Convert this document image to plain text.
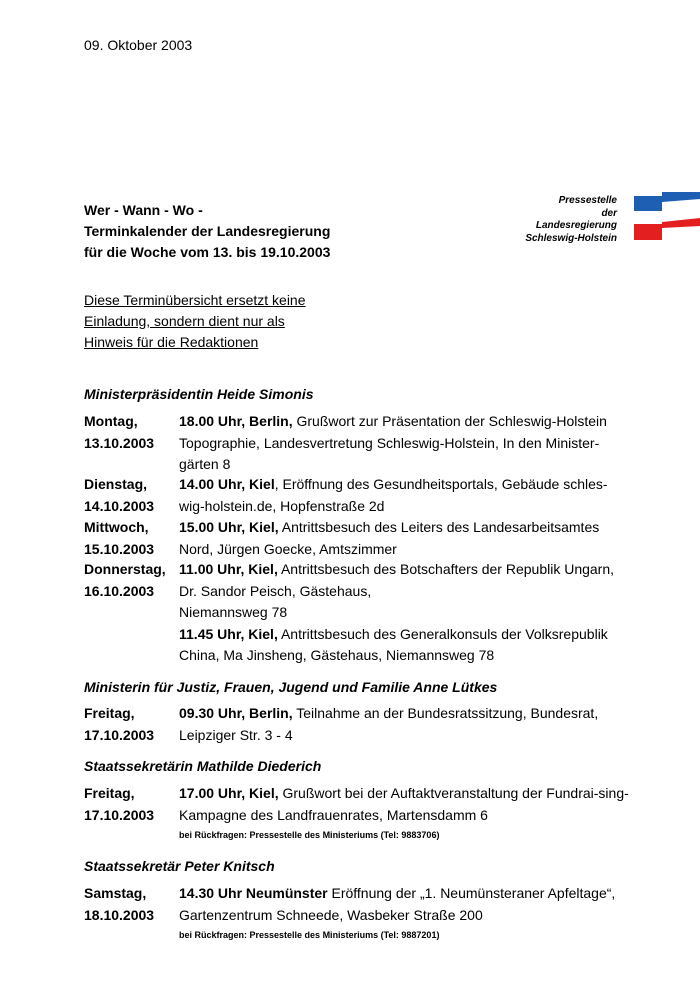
09. Oktober 2003
Pressestelle
der
Landesregierung
Schleswig-Holstein
Wer - Wann - Wo -
Terminkalender der Landesregierung
für die Woche vom 13. bis 19.10.2003
Diese Terminübersicht ersetzt keine
Einladung, sondern dient nur als
Hinweis für die Redaktionen
Ministerpräsidentin Heide Simonis
Montag,
13.10.2003
18.00 Uhr, Berlin, Grußwort zur Präsentation der Schleswig-Holstein Topographie, Landesvertretung Schleswig-Holstein, In den Minister-gärten 8
Dienstag,
14.10.2003
14.00 Uhr, Kiel, Eröffnung des Gesundheitsportals, Gebäude schles-wig-holstein.de, Hopfenstraße 2d
Mittwoch,
15.10.2003
15.00 Uhr, Kiel, Antrittsbesuch des Leiters des Landesarbeitsamtes Nord, Jürgen Goecke, Amtszimmer
Donnerstag,
16.10.2003
11.00 Uhr, Kiel, Antrittsbesuch des Botschafters der Republik Ungarn, Dr. Sandor Peisch, Gästehaus,
Niemannsweg 78
11.45 Uhr, Kiel, Antrittsbesuch des Generalkonsuls der Volksrepublik China, Ma Jinsheng, Gästehaus, Niemannsweg 78
Ministerin für Justiz, Frauen, Jugend und Familie Anne Lütkes
Freitag,
17.10.2003
09.30 Uhr, Berlin, Teilnahme an der Bundesratssitzung, Bundesrat, Leipziger Str. 3 - 4
Staatssekretärin Mathilde Diederich
Freitag,
17.10.2003
17.00 Uhr, Kiel, Grußwort bei der Auftaktveranstaltung der Fundrai-sing-Kampagne des Landfrauenrates, Martensdamm 6
bei Rückfragen: Pressestelle des Ministeriums (Tel: 9883706)
Staatssekretär Peter Knitsch
Samstag,
18.10.2003
14.30 Uhr Neumünster Eröffnung der „1. Neumünsteraner Apfeltage“, Gartenzentrum Schneede, Wasbeker Straße 200
bei Rückfragen: Pressestelle des Ministeriums (Tel: 9887201)
